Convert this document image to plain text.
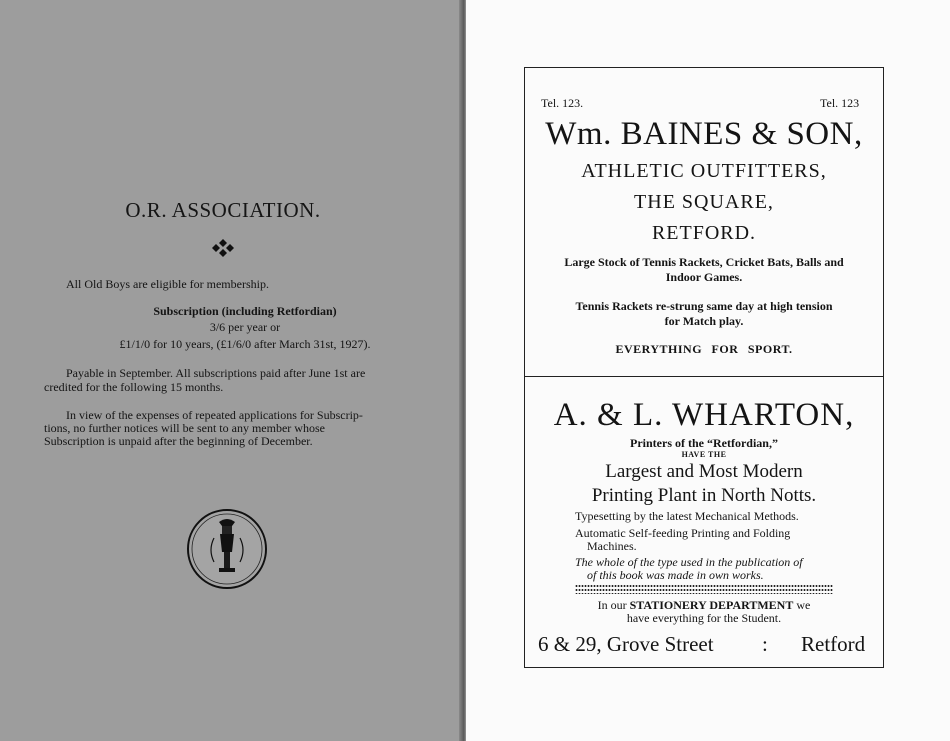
O.R. ASSOCIATION.
All Old Boys are eligible for membership.
Subscription (including Retfordian)
3/6 per year or
£1/1/0 for 10 years, (£1/6/0 after March 31st, 1927).
Payable in September. All subscriptions paid after June 1st are
credited for the following 15 months.
In view of the expenses of repeated applications for Subscrip-
tions, no further notices will be sent to any member whose
Subscription is unpaid after the beginning of December.
Tel. 123.	Tel. 123
Wm. BAINES & SON,
ATHLETIC OUTFITTERS,
THE SQUARE,
RETFORD.
Large Stock of Tennis Rackets, Cricket Bats, Balls and
Indoor Games.
Tennis Rackets re-strung same day at high tension
for Match play.
EVERYTHING FOR SPORT.
A. & L. WHARTON,
Printers of the “Retfordian,”
HAVE THE
Largest and Most Modern
Printing Plant in North Notts.
Typesetting by the latest Mechanical Methods.
Automatic Self-feeding Printing and Folding
Machines.
The whole of the type used in the publication of
of this book was made in own works.
In our STATIONERY DEPARTMENT we
have everything for the Student.
6 & 29, Grove Street : Retford
